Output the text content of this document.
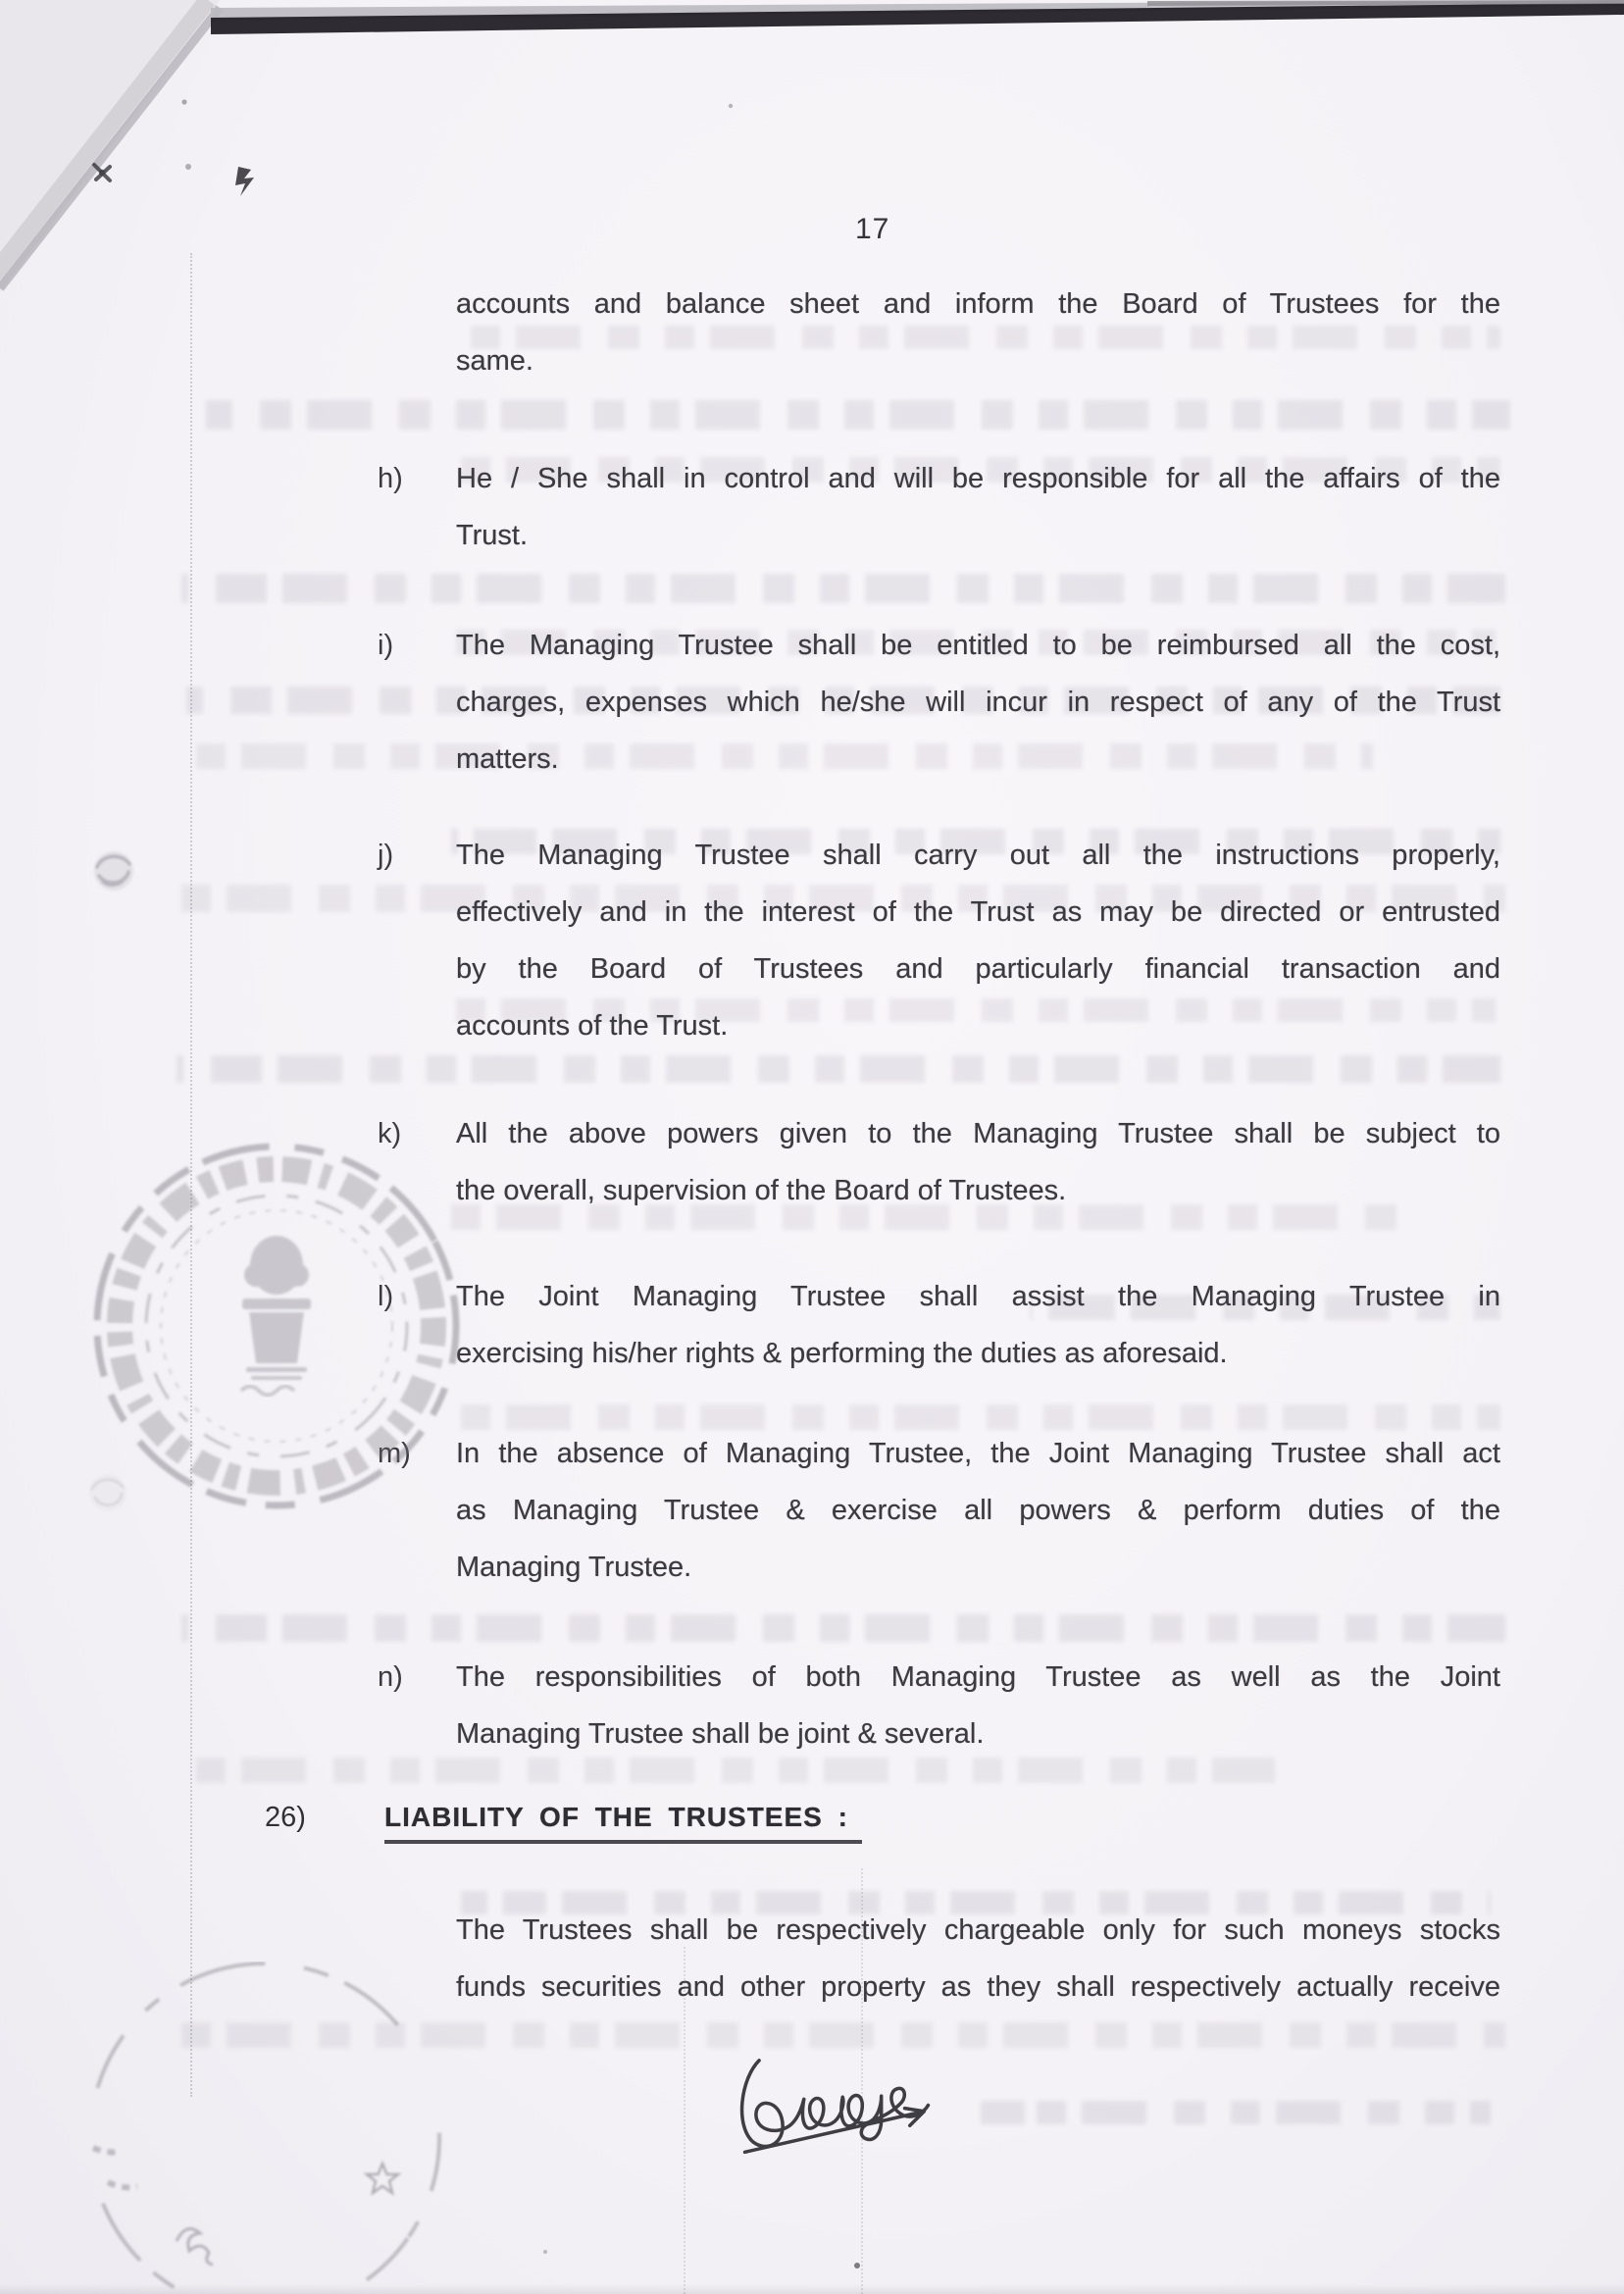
17
accounts and balance sheet and inform the Board of Trustees for the
same.
h) He / She shall in control and will be responsible for all the affairs of the
Trust.
i) The Managing Trustee shall be entitled to be reimbursed all the cost,
charges, expenses which he/she will incur in respect of any of the Trust
matters.
j) The Managing Trustee shall carry out all the instructions properly,
effectively and in the interest of the Trust as may be directed or entrusted
by the Board of Trustees and particularly financial transaction and
accounts of the Trust.
k) All the above powers given to the Managing Trustee shall be subject to
the overall, supervision of the Board of Trustees.
l) The Joint Managing Trustee shall assist the Managing Trustee in
exercising his/her rights & performing the duties as aforesaid.
m) In the absence of Managing Trustee, the Joint Managing Trustee shall act
as Managing Trustee & exercise all powers & perform duties of the
Managing Trustee.
n) The responsibilities of both Managing Trustee as well as the Joint
Managing Trustee shall be joint & several.
26)	LIABILITY OF THE TRUSTEES :
The Trustees shall be respectively chargeable only for such moneys stocks
funds securities and other property as they shall respectively actually receive
